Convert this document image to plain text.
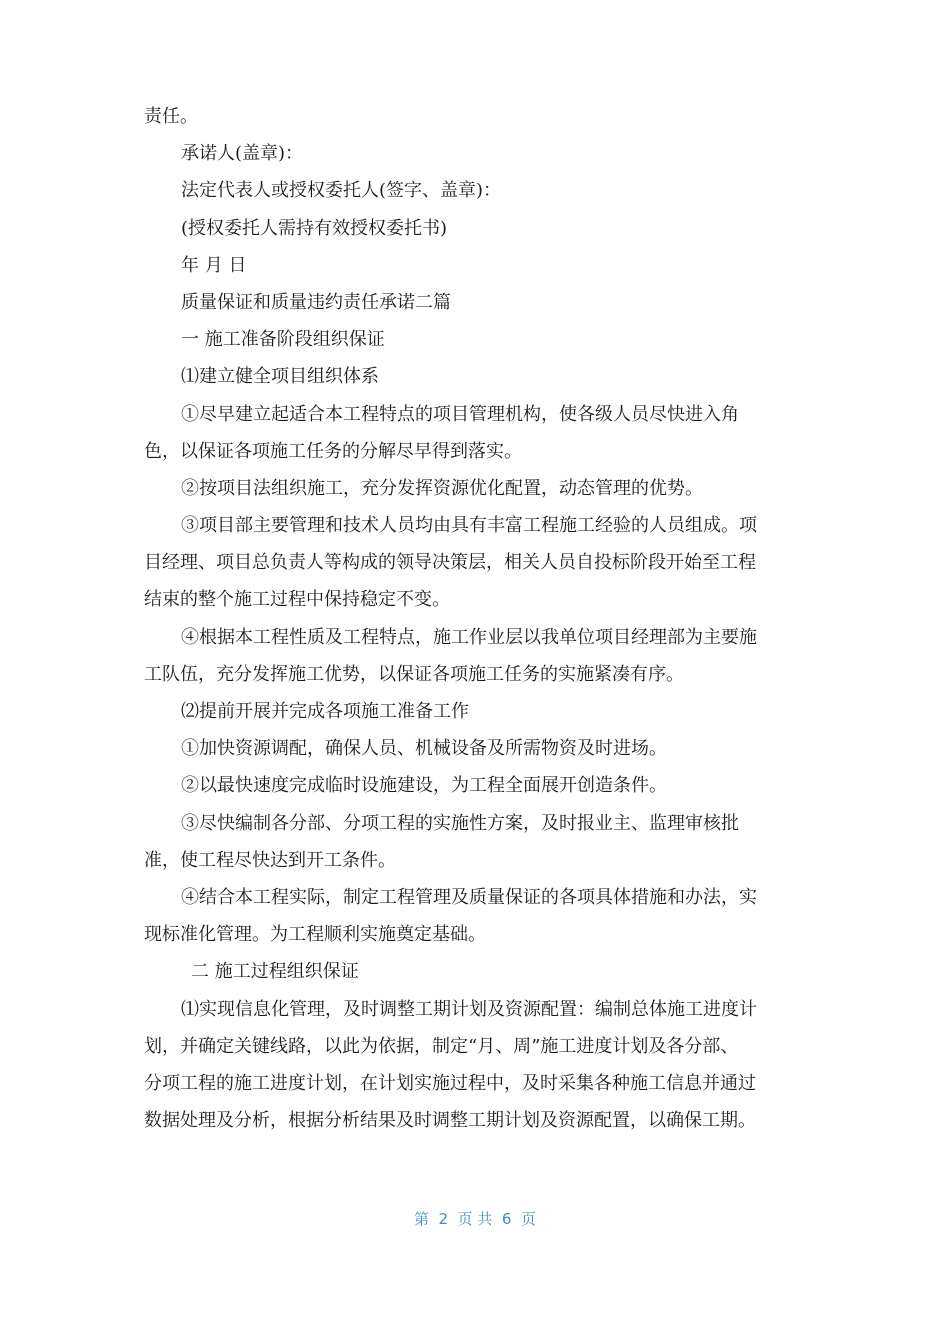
责任。

承诺人(盖章)：

法定代表人或授权委托人(签字、盖章)：

(授权委托人需持有效授权委托书)

年 月 日

质量保证和质量违约责任承诺二篇

一 施工准备阶段组织保证

⑴建立健全项目组织体系

①尽早建立起适合本工程特点的项目管理机构，使各级人员尽快进入角

色，以保证各项施工任务的分解尽早得到落实。

②按项目法组织施工，充分发挥资源优化配置，动态管理的优势。

③项目部主要管理和技术人员均由具有丰富工程施工经验的人员组成。项

目经理、项目总负责人等构成的领导决策层，相关人员自投标阶段开始至工程

结束的整个施工过程中保持稳定不变。

④根据本工程性质及工程特点，施工作业层以我单位项目经理部为主要施

工队伍，充分发挥施工优势，以保证各项施工任务的实施紧凑有序。

⑵提前开展并完成各项施工准备工作

①加快资源调配，确保人员、机械设备及所需物资及时进场。

②以最快速度完成临时设施建设，为工程全面展开创造条件。

③尽快编制各分部、分项工程的实施性方案，及时报业主、监理审核批

准，使工程尽快达到开工条件。

④结合本工程实际，制定工程管理及质量保证的各项具体措施和办法，实

现标准化管理。为工程顺利实施奠定基础。

二 施工过程组织保证

⑴实现信息化管理，及时调整工期计划及资源配置：编制总体施工进度计

划，并确定关键线路，以此为依据，制定“月、周”施工进度计划及各分部、

分项工程的施工进度计划，在计划实施过程中，及时采集各种施工信息并通过

数据处理及分析，根据分析结果及时调整工期计划及资源配置，以确保工期。

第  2  页 共  6  页
